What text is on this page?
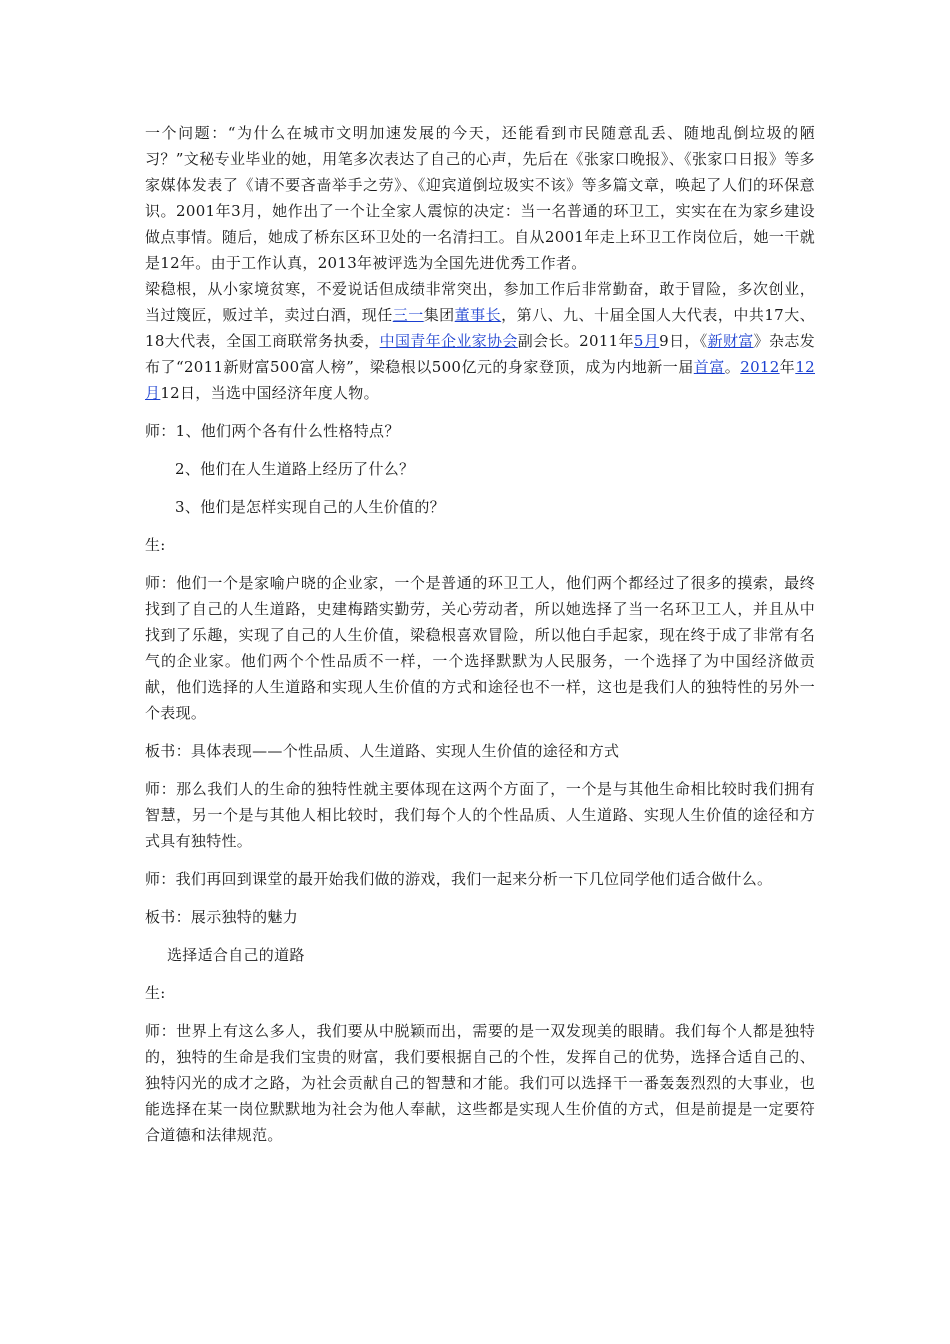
一个问题：“为什么在城市文明加速发展的今天，还能看到市民随意乱丢、随地乱倒垃圾的陋习？”文秘专业毕业的她，用笔多次表达了自己的心声，先后在《张家口晚报》、《张家口日报》等多家媒体发表了《请不要吝啬举手之劳》、《迎宾道倒垃圾实不该》等多篇文章，唤起了人们的环保意识。2001年3月，她作出了一个让全家人震惊的决定：当一名普通的环卫工，实实在在为家乡建设做点事情。随后，她成了桥东区环卫处的一名清扫工。自从2001年走上环卫工作岗位后，她一干就是12年。由于工作认真，2013年被评选为全国先进优秀工作者。

梁稳根，从小家境贫寒，不爱说话但成绩非常突出，参加工作后非常勤奋，敢于冒险，多次创业，当过篾匠，贩过羊，卖过白酒，现任三一集团董事长，第八、九、十届全国人大代表，中共17大、18大代表，全国工商联常务执委，中国青年企业家协会副会长。2011年5月9日，《新财富》杂志发布了“2011新财富500富人榜”，梁稳根以500亿元的身家登顶，成为内地新一届首富。2012年12月12日，当选中国经济年度人物。

师：1、他们两个各有什么性格特点？

2、他们在人生道路上经历了什么？

3、他们是怎样实现自己的人生价值的？

生:

师：他们一个是家喻户晓的企业家，一个是普通的环卫工人，他们两个都经过了很多的摸索，最终找到了自己的人生道路，史建梅踏实勤劳，关心劳动者，所以她选择了当一名环卫工人，并且从中找到了乐趣，实现了自己的人生价值，梁稳根喜欢冒险，所以他白手起家，现在终于成了非常有名气的企业家。他们两个个性品质不一样，一个选择默默为人民服务，一个选择了为中国经济做贡献，他们选择的人生道路和实现人生价值的方式和途径也不一样，这也是我们人的独特性的另外一个表现。

板书：具体表现——个性品质、人生道路、实现人生价值的途径和方式

师：那么我们人的生命的独特性就主要体现在这两个方面了，一个是与其他生命相比较时我们拥有智慧，另一个是与其他人相比较时，我们每个人的个性品质、人生道路、实现人生价值的途径和方式具有独特性。

师：我们再回到课堂的最开始我们做的游戏，我们一起来分析一下几位同学他们适合做什么。

板书：展示独特的魅力

选择适合自己的道路

生:

师：世界上有这么多人，我们要从中脱颖而出，需要的是一双发现美的眼睛。我们每个人都是独特的，独特的生命是我们宝贵的财富，我们要根据自己的个性，发挥自己的优势，选择合适自己的、独特闪光的成才之路，为社会贡献自己的智慧和才能。我们可以选择干一番轰轰烈烈的大事业，也能选择在某一岗位默默地为社会为他人奉献，这些都是实现人生价值的方式，但是前提是一定要符合道德和法律规范。
